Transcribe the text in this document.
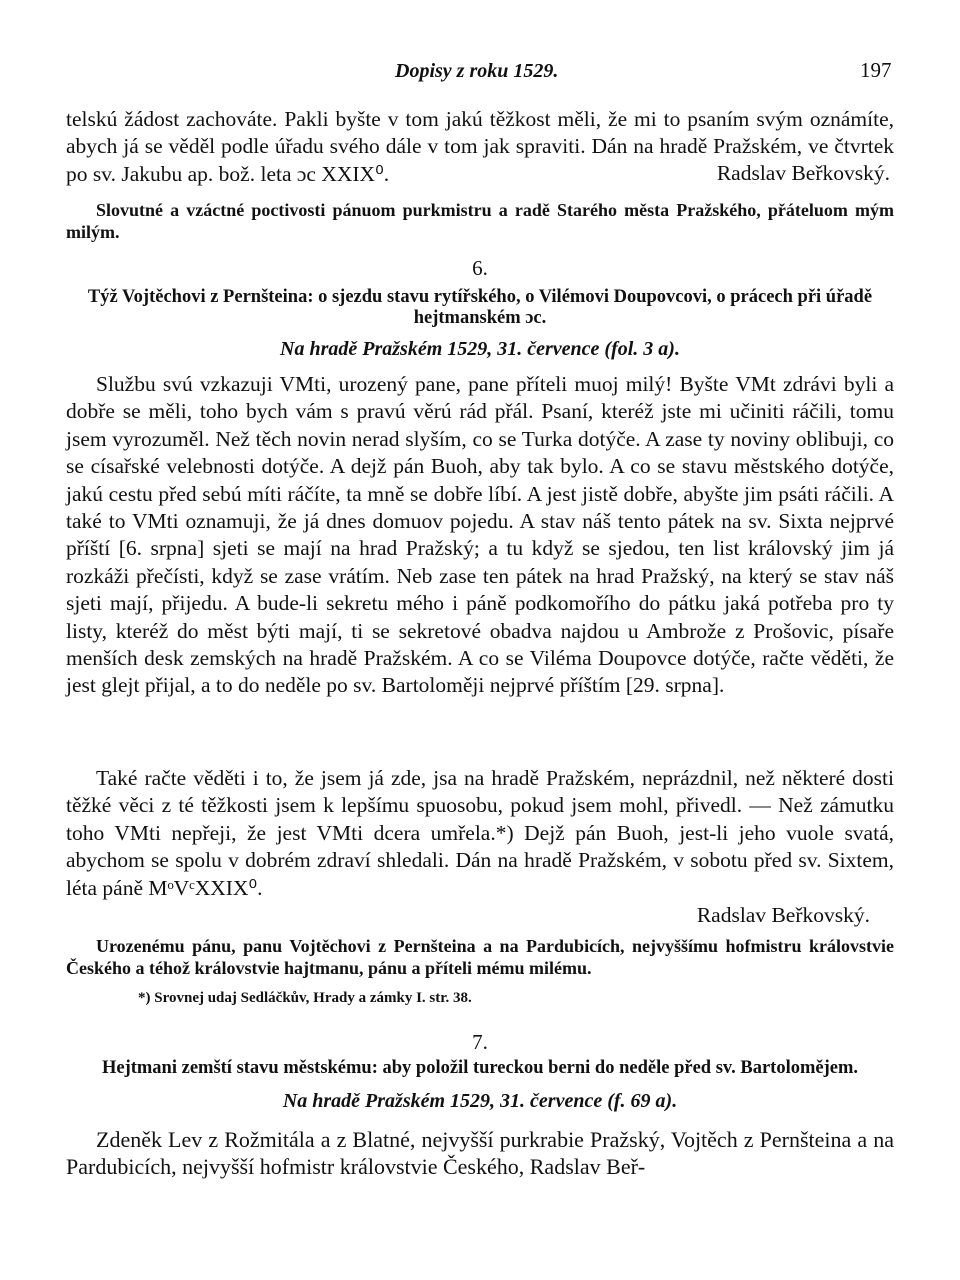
Dopisy z roku 1529.	197

telskú žádost zachováte. Pakli byšte v tom jakú těžkost měli, že mi to psaním svým oznámíte, abych já se věděl podle úřadu svého dále v tom jak spraviti. Dán na hradě Pražském, ve čtvrtek po sv. Jakubu ap. bož. leta ɔc XXIX⁰.	Radslav Beřkovský.

Slovutné a vzáctné poctivosti pánuom purkmistru a radě Starého města Pražského, přáteluom mým milým.

6.

Týž Vojtěchovi z Pernšteina: o sjezdu stavu rytířského, o Vilémovi Doupovcovi, o prácech při úřadě hejtmanském ɔc.

Na hradě Pražském 1529, 31. července (fol. 3 a).

Službu svú vzkazuji VMti, urozený pane, pane příteli muoj milý! Byšte VMt zdrávi byli a dobře se měli, toho bych vám s pravú věrú rád přál. Psaní, kteréž jste mi učiniti ráčili, tomu jsem vyrozuměl. Než těch novin nerad slyším, co se Turka dotýče. A zase ty noviny oblibuji, co se císařské velebnosti dotýče. A dejž pán Buoh, aby tak bylo. A co se stavu městského dotýče, jakú cestu před sebú míti ráčíte, ta mně se dobře líbí. A jest jistě dobře, abyšte jim psáti ráčili. A také to VMti oznamuji, že já dnes domuov pojedu. A stav náš tento pátek na sv. Sixta nejprvé příští [6. srpna] sjeti se mají na hrad Pražský; a tu když se sjedou, ten list královský jim já rozkáži přečísti, když se zase vrátím. Neb zase ten pátek na hrad Pražský, na který se stav náš sjeti mají, přijedu. A bude-li sekretu mého i páně podkomořího do pátku jaká potřeba pro ty listy, kteréž do měst býti mají, ti se sekretové obadva najdou u Ambrože z Prošovic, písaře menších desk zemských na hradě Pražském. A co se Viléma Doupovce dotýče, račte věděti, že jest glejt přijal, a to do neděle po sv. Bartoloměji nejprvé příštím [29. srpna].

Také račte věděti i to, že jsem já zde, jsa na hradě Pražském, neprázdnil, než některé dosti těžké věci z té těžkosti jsem k lepšímu spuosobu, pokud jsem mohl, přivedl. — Než zámutku toho VMti nepřeji, že jest VMti dcera umřela.*) Dejž pán Buoh, jest-li jeho vuole svatá, abychom se spolu v dobrém zdraví shledali. Dán na hradě Pražském, v sobotu před sv. Sixtem, léta páně MᵒVᶜXXIX⁰.

Radslav Beřkovský.

Urozenému pánu, panu Vojtěchovi z Pernšteina a na Pardubicích, nejvyššímu hofmistru královstvie Českého a téhož královstvie hajtmanu, pánu a příteli mému milému.

*) Srovnej udaj Sedláčkův, Hrady a zámky I. str. 38.
7.

Hejtmani zemští stavu městskému: aby položil tureckou berni do neděle před sv. Bartolomějem.

Na hradě Pražském 1529, 31. července (f. 69 a).

Zdeněk Lev z Rožmitála a z Blatné, nejvyšší purkrabie Pražský, Vojtěch z Pernšteina a na Pardubicích, nejvyšší hofmistr královstvie Českého, Radslav Beř-
